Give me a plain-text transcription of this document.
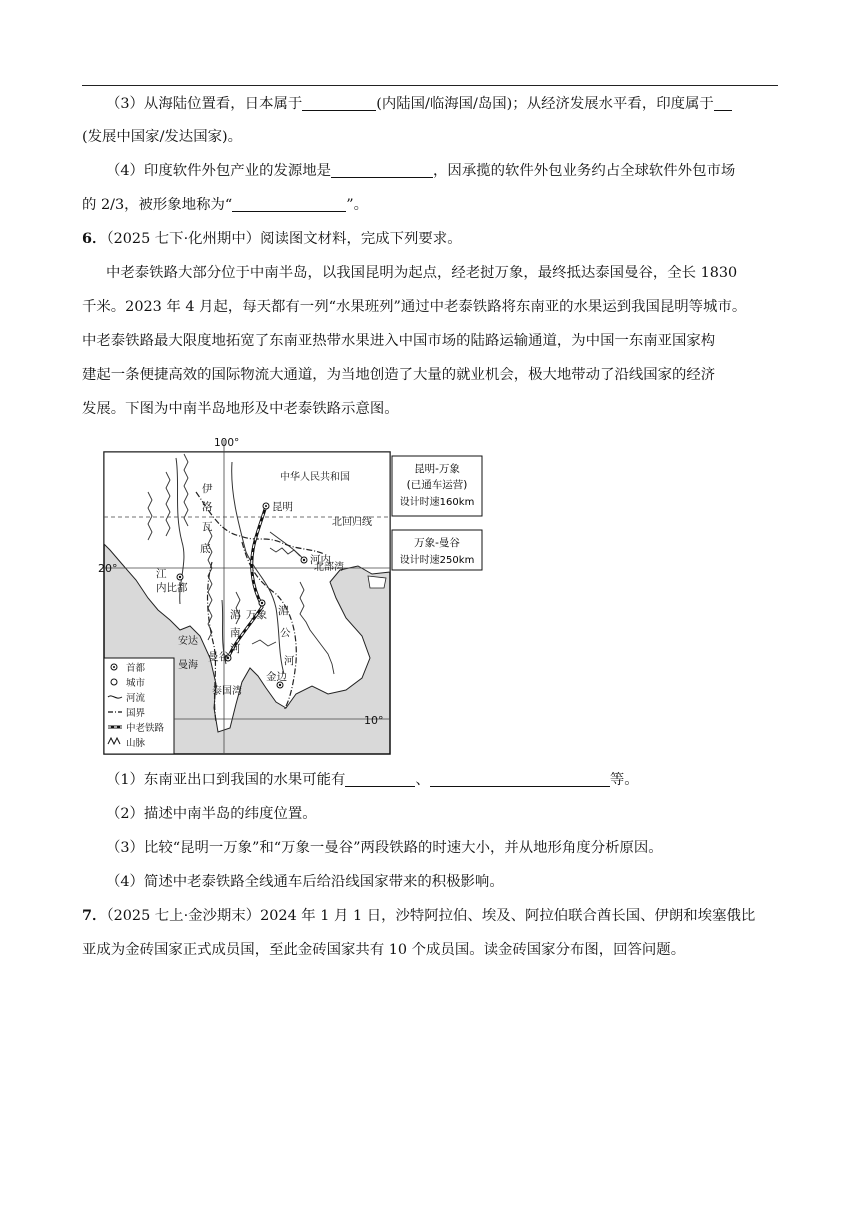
（3）从海陆位置看，日本属于	(内陆国/临海国/岛国)；从经济发展水平看，印度属于
(发展中国家/发达国家)。
（4）印度软件外包产业的发源地是	，因承揽的软件外包业务约占全球软件外包市场
的 2/3，被形象地称为“	”。
6．（2025 七下·化州期中）阅读图文材料，完成下列要求。
中老泰铁路大部分位于中南半岛，以我国昆明为起点，经老挝万象，最终抵达泰国曼谷，全长 1830
千米。2023 年 4 月起，每天都有一列“水果班列”通过中老泰铁路将东南亚的水果运到我国昆明等城市。
中老泰铁路最大限度地拓宽了东南亚热带水果进入中国市场的陆路运输通道，为中国一东南亚国家构
建起一条便捷高效的国际物流大通道，为当地创造了大量的就业机会，极大地带动了沿线国家的经济
发展。下图为中南半岛地形及中老泰铁路示意图。
100°
20°
10°
中华人民共和国
北回归线
北部湾
泰国湾
安达
曼海
伊
洛
瓦
底
江
湄
公
河
湄
南
河
昆明
河内
内比都
万象
曼谷
金边
首都
城市
河流
国界
中老铁路
山脉
昆明-万象
(已通车运营)
设计时速160km
万象-曼谷
设计时速250km
（1）东南亚出口到我国的水果可能有	、	等。
（2）描述中南半岛的纬度位置。
（3）比较“昆明一万象”和“万象一曼谷”两段铁路的时速大小，并从地形角度分析原因。
（4）简述中老泰铁路全线通车后给沿线国家带来的积极影响。
7．（2025 七上·金沙期末）2024 年 1 月 1 日，沙特阿拉伯、埃及、阿拉伯联合酋长国、伊朗和埃塞俄比
亚成为金砖国家正式成员国，至此金砖国家共有 10 个成员国。读金砖国家分布图，回答问题。
